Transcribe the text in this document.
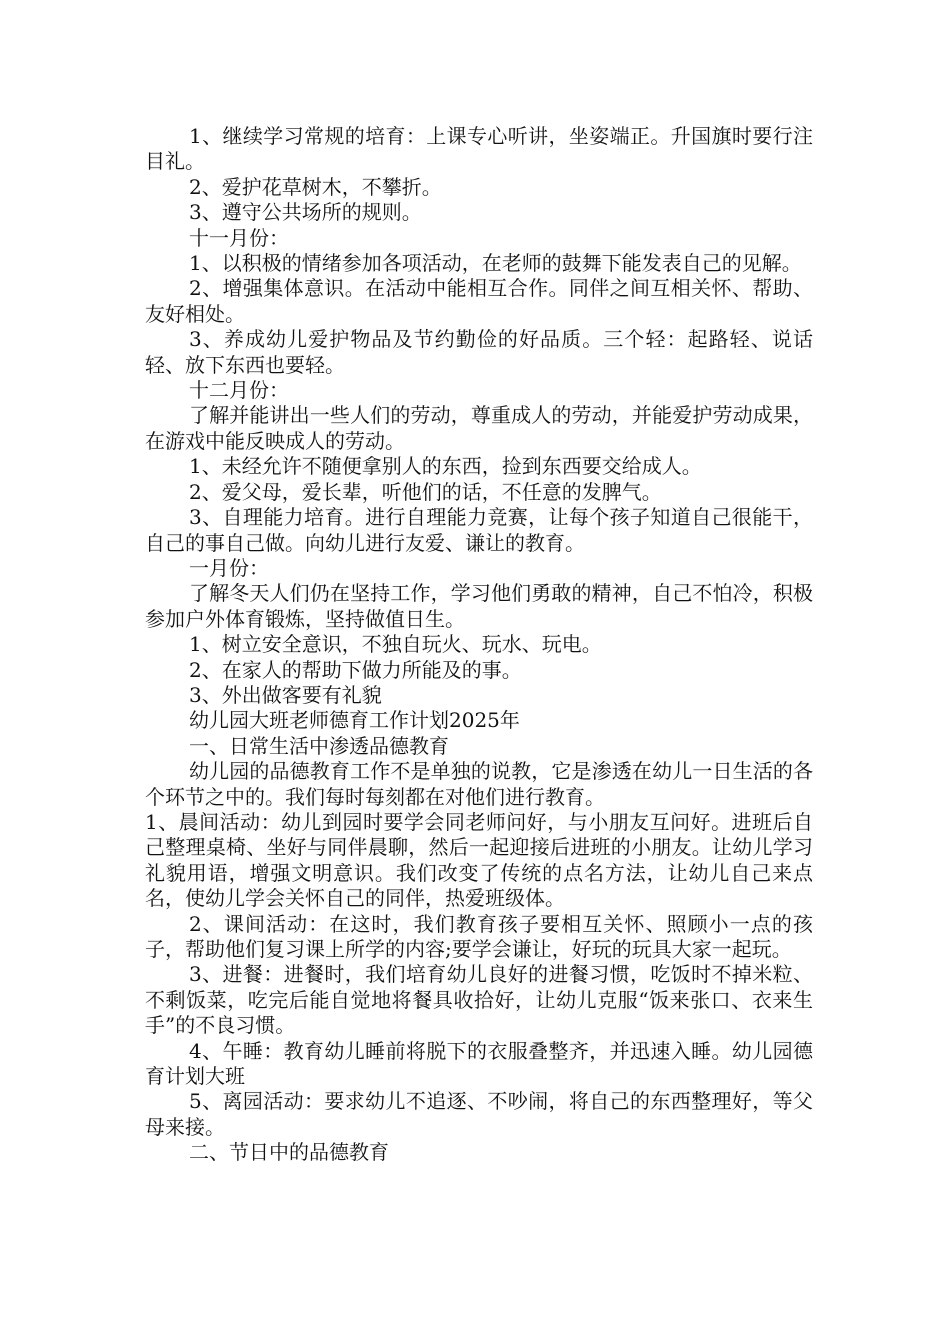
1、继续学习常规的培育：上课专心听讲，坐姿端正。升国旗时要行注目礼。

2、爱护花草树木，不攀折。

3、遵守公共场所的规则。

十一月份：

1、以积极的情绪参加各项活动，在老师的鼓舞下能发表自己的见解。

2、增强集体意识。在活动中能相互合作。同伴之间互相关怀、帮助、友好相处。

3、养成幼儿爱护物品及节约勤俭的好品质。三个轻：起路轻、说话轻、放下东西也要轻。

十二月份：

了解并能讲出一些人们的劳动，尊重成人的劳动，并能爱护劳动成果，在游戏中能反映成人的劳动。

1、未经允许不随便拿别人的东西，捡到东西要交给成人。

2、爱父母，爱长辈，听他们的话，不任意的发脾气。

3、自理能力培育。进行自理能力竞赛，让每个孩子知道自己很能干，自己的事自己做。向幼儿进行友爱、谦让的教育。

一月份：

了解冬天人们仍在坚持工作，学习他们勇敢的精神，自己不怕冷，积极参加户外体育锻炼，坚持做值日生。

1、树立安全意识，不独自玩火、玩水、玩电。

2、在家人的帮助下做力所能及的事。

3、外出做客要有礼貌

幼儿园大班老师德育工作计划2025年

一、日常生活中渗透品德教育

幼儿园的品德教育工作不是单独的说教，它是渗透在幼儿一日生活的各个环节之中的。我们每时每刻都在对他们进行教育。

1、晨间活动：幼儿到园时要学会同老师问好，与小朋友互问好。进班后自己整理桌椅、坐好与同伴晨聊，然后一起迎接后进班的小朋友。让幼儿学习礼貌用语，增强文明意识。我们改变了传统的点名方法，让幼儿自己来点名，使幼儿学会关怀自己的同伴，热爱班级体。

2、课间活动：在这时，我们教育孩子要相互关怀、照顾小一点的孩子，帮助他们复习课上所学的内容;要学会谦让，好玩的玩具大家一起玩。

3、进餐：进餐时，我们培育幼儿良好的进餐习惯，吃饭时不掉米粒、不剩饭菜，吃完后能自觉地将餐具收拾好，让幼儿克服“饭来张口、衣来生手”的不良习惯。

4、午睡：教育幼儿睡前将脱下的衣服叠整齐，并迅速入睡。幼儿园德育计划大班

5、离园活动：要求幼儿不追逐、不吵闹，将自己的东西整理好，等父母来接。

二、节日中的品德教育
